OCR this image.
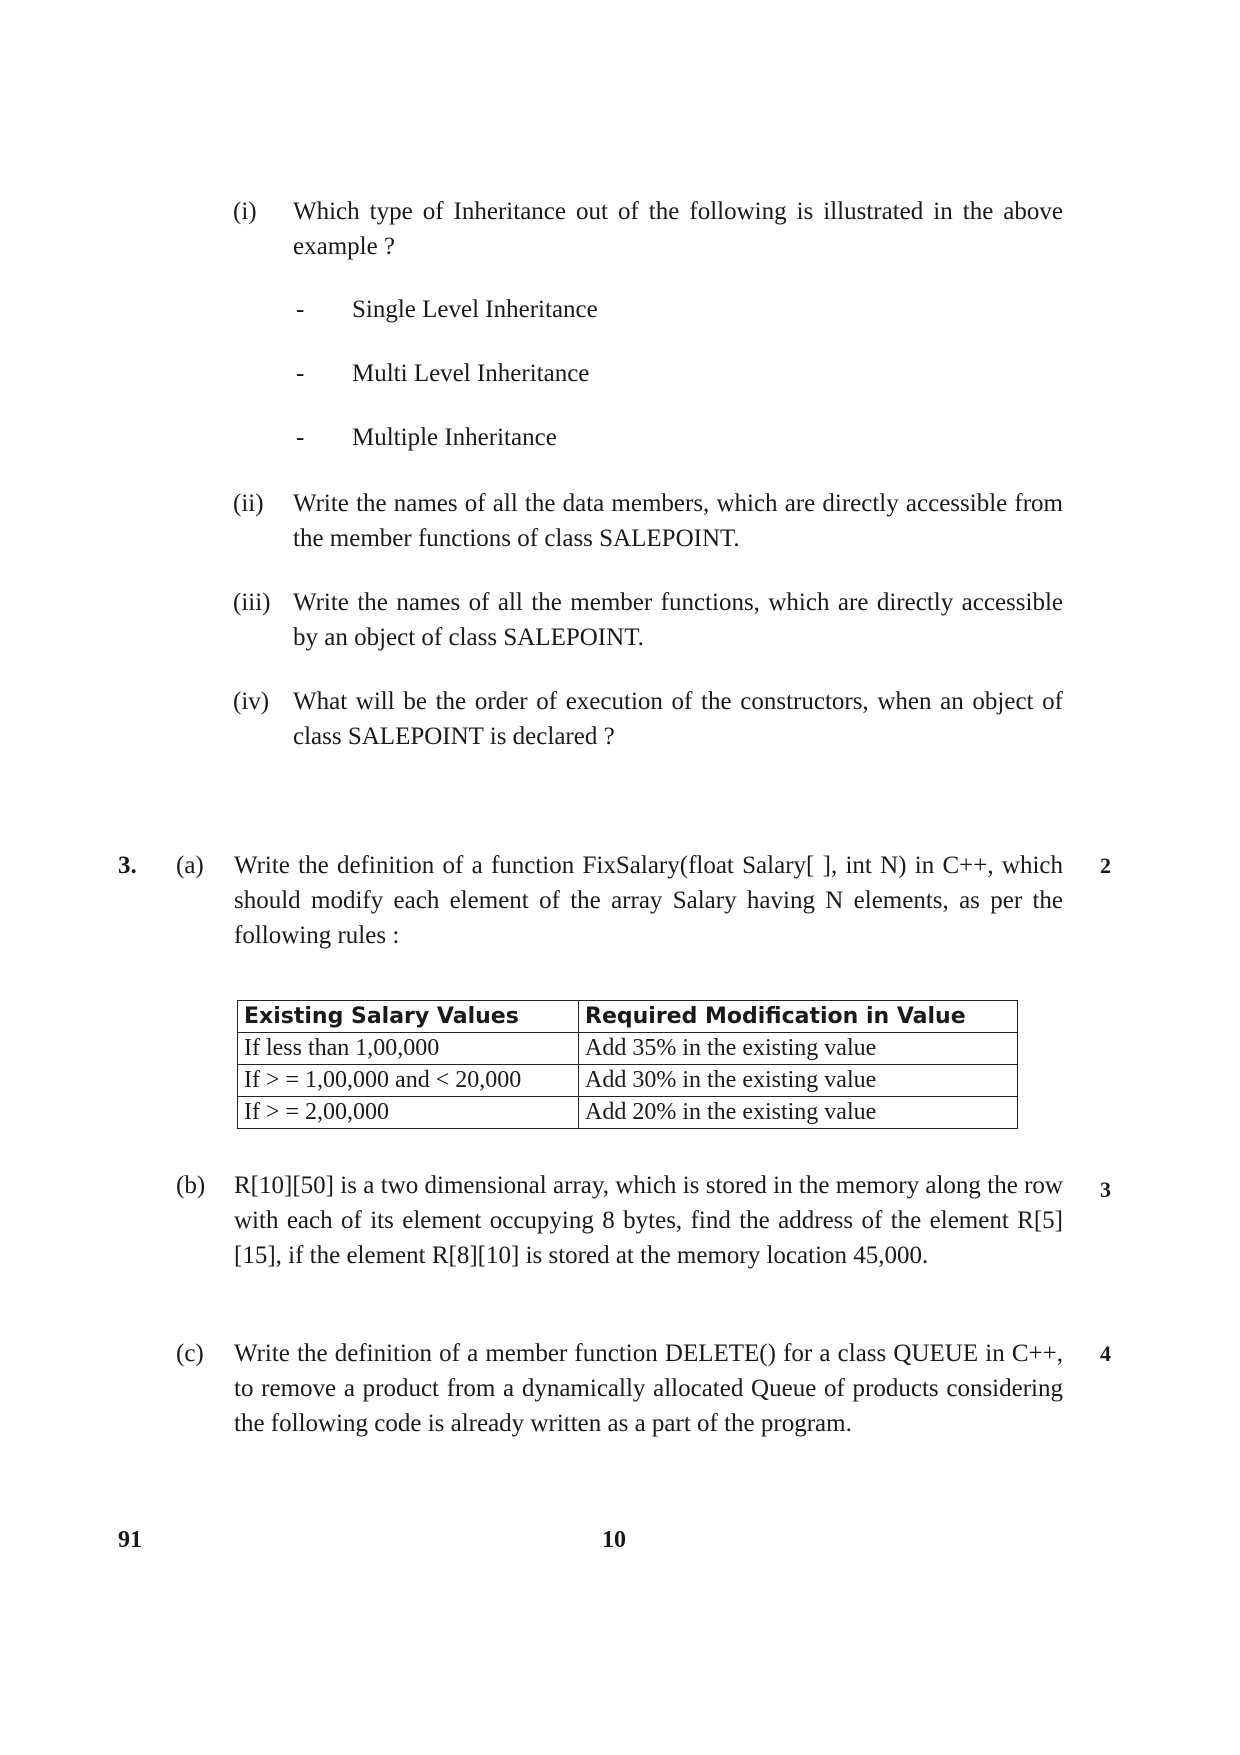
(i) Which type of Inheritance out of the following is illustrated in the above example ?
- Single Level Inheritance
- Multi Level Inheritance
- Multiple Inheritance
(ii) Write the names of all the data members, which are directly accessible from the member functions of class SALEPOINT.
(iii) Write the names of all the member functions, which are directly accessible by an object of class SALEPOINT.
(iv) What will be the order of execution of the constructors, when an object of class SALEPOINT is declared ?
3. (a) Write the definition of a function FixSalary(float Salary[ ], int N) in C++, which should modify each element of the array Salary having N elements, as per the following rules :
2
Existing Salary Values	Required Modification in Value
If less than 1,00,000	Add 35% in the existing value
If > = 1,00,000 and < 20,000	Add 30% in the existing value
If > = 2,00,000	Add 20% in the existing value
(b) R[10][50] is a two dimensional array, which is stored in the memory along the row with each of its element occupying 8 bytes, find the address of the element R[5][15], if the element R[8][10] is stored at the memory location 45,000.
3
(c) Write the definition of a member function DELETE() for a class QUEUE in C++, to remove a product from a dynamically allocated Queue of products considering the following code is already written as a part of the program.
4
91	10
